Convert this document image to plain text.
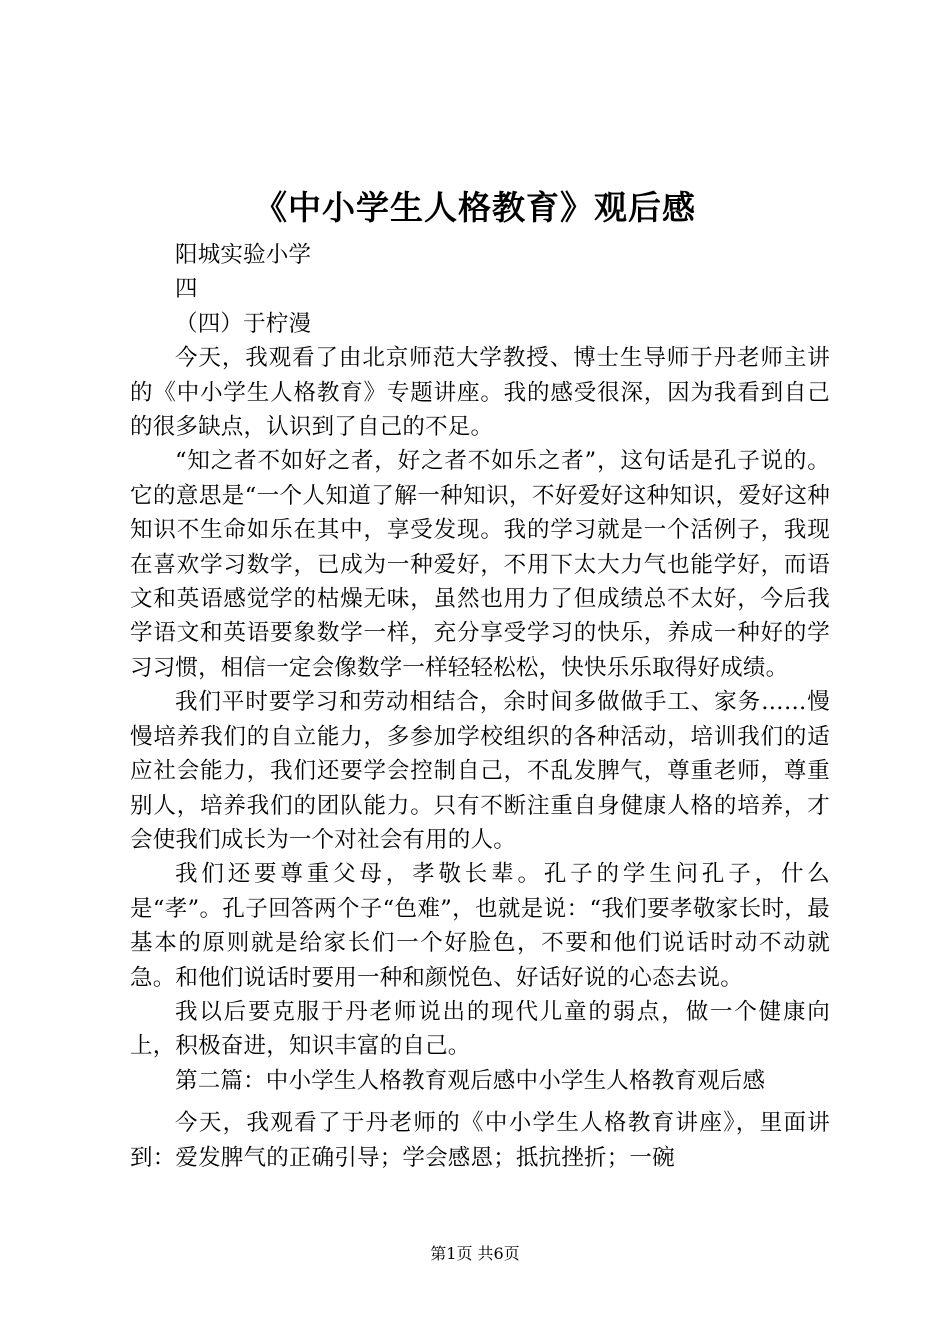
《中小学生人格教育》观后感

阳城实验小学

四

（四）于柠漫

今天，我观看了由北京师范大学教授、博士生导师于丹老师主讲的《中小学生人格教育》专题讲座。我的感受很深，因为我看到自己的很多缺点，认识到了自己的不足。

“知之者不如好之者，好之者不如乐之者”，这句话是孔子说的。它的意思是“一个人知道了解一种知识，不好爱好这种知识，爱好这种知识不生命如乐在其中，享受发现。我的学习就是一个活例子，我现在喜欢学习数学，已成为一种爱好，不用下太大力气也能学好，而语文和英语感觉学的枯燥无味，虽然也用力了但成绩总不太好，今后我学语文和英语要象数学一样，充分享受学习的快乐，养成一种好的学习习惯，相信一定会像数学一样轻轻松松，快快乐乐取得好成绩。

我们平时要学习和劳动相结合，余时间多做做手工、家务……慢慢培养我们的自立能力，多参加学校组织的各种活动，培训我们的适应社会能力，我们还要学会控制自己，不乱发脾气，尊重老师，尊重别人，培养我们的团队能力。只有不断注重自身健康人格的培养，才会使我们成长为一个对社会有用的人。

我们还要尊重父母，孝敬长辈。孔子的学生问孔子，什么是“孝”。孔子回答两个子“色难”，也就是说：“我们要孝敬家长时，最基本的原则就是给家长们一个好脸色，不要和他们说话时动不动就急。和他们说话时要用一种和颜悦色、好话好说的心态去说。

我以后要克服于丹老师说出的现代儿童的弱点，做一个健康向上，积极奋进，知识丰富的自己。

第二篇：中小学生人格教育观后感中小学生人格教育观后感

今天，我观看了于丹老师的《中小学生人格教育讲座》，里面讲到：爱发脾气的正确引导；学会感恩；抵抗挫折；一碗

第1页 共6页
